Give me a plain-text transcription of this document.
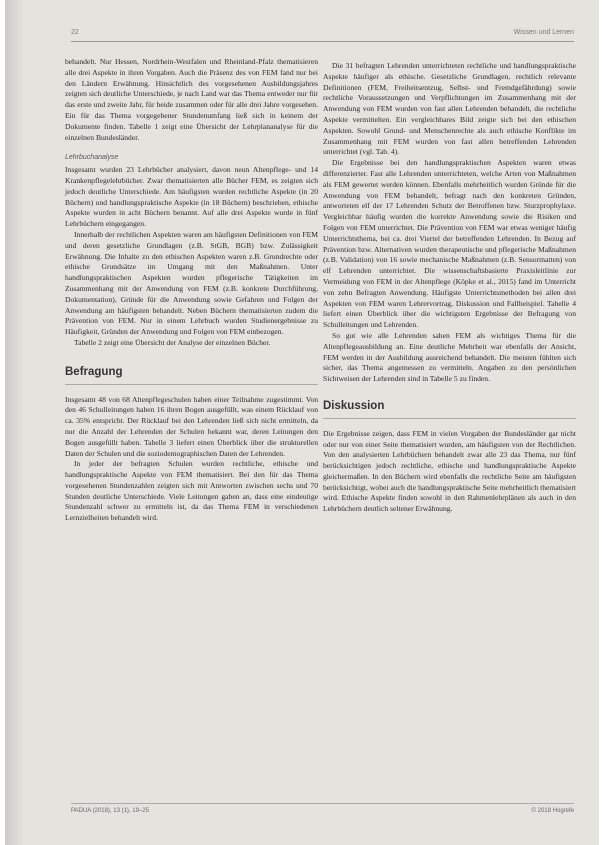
22	Wissen und Lernen

behandelt. Nur Hessen, Nordrhein-Westfalen und Rheinland-Pfalz thematisieren alle drei Aspekte in ihren Vorgaben. Auch die Präsenz des von FEM fand nur bei den Ländern Erwähnung. Hinsichtlich des vorgesehenen Ausbildungsjahres zeigten sich deutliche Unterschiede, je nach Land war das Thema entweder nur für das erste und zweite Jahr, für beide zusammen oder für alle drei Jahre vorgesehen. Ein für das Thema vorgegebener Stundenumfang ließ sich in keinem der Dokumente finden. Tabelle 1 zeigt eine Übersicht der Lehrplananalyse für die einzelnen Bundesländer.

Lehrbuchanalyse

Insgesamt wurden 23 Lehrbücher analysiert, davon neun Altenpflege- und 14 Krankenpflegelehrbücher. Zwar thematisierten alle Bücher FEM, es zeigten sich jedoch deutliche Unterschiede. Am häufigsten wurden rechtliche Aspekte (in 20 Büchern) und handlungspraktische Aspekte (in 18 Büchern) beschrieben, ethische Aspekte wurden in acht Büchern benannt. Auf alle drei Aspekte wurde in fünf Lehrbüchern eingegangen.

Innerhalb der rechtlichen Aspekten waren am häufigsten Definitionen von FEM und deren gesetzliche Grundlagen (z.B. StGB, BGB) bzw. Zulässigkeit Erwähnung. Die Inhalte zu den ethischen Aspekten waren z.B. Grundrechte oder ethische Grundsätze im Umgang mit den Maßnahmen. Unter handlungspraktischen Aspekten wurden pflegerische Tätigkeiten im Zusammenhang mit der Anwendung von FEM (z.B. konkrete Durchführung, Dokumentation), Gründe für die Anwendung sowie Gefahren und Folgen der Anwendung am häufigsten behandelt. Neben Büchern thematisierten zudem die Prävention von FEM. Nur in einem Lehrbuch wurden Studienergebnisse zu Häufigkeit, Gründen der Anwendung und Folgen von FEM einbezogen.

Tabelle 2 zeigt eine Übersicht der Analyse der einzelnen Bücher.

Befragung

Insgesamt 48 von 68 Altenpflegeschulen haben einer Teilnahme zugestimmt. Von den 46 Schulleitungen haben 16 ihren Bogen ausgefüllt, was einem Rücklauf von ca. 35% entspricht. Der Rücklauf bei den Lehrenden ließ sich nicht ermitteln, da nur die Anzahl der Lehrenden der Schulen bekannt war, deren Leitungen den Bogen ausgefüllt haben. Tabelle 3 liefert einen Überblick über die strukturellen Daten der Schulen und die soziodemographischen Daten der Lehrenden.

In jeder der befragten Schulen wurden rechtliche, ethische und handlungspraktische Aspekte von FEM thematisiert. Bei den für das Thema vorgesehenen Stundenzahlen zeigten sich mit Antworten zwischen sechs und 70 Stunden deutliche Unterschiede. Viele Leitungen gaben an, dass eine eindeutige Stundenzahl schwer zu ermitteln ist, da das Thema FEM in verschiedenen Lernzielheiten behandelt wird.

Die 31 befragten Lehrenden unterrichteten rechtliche und handlungspraktische Aspekte häufiger als ethische. Gesetzliche Grundlagen, rechtlich relevante Definitionen (FEM, Freiheitsentzug, Selbst- und Fremdgefährdung) sowie rechtliche Voraussetzungen und Verpflichtungen im Zusammenhang mit der Anwendung von FEM wurden von fast allen Lehrenden behandelt, die rechtliche Aspekte vermittelten. Ein vergleichbares Bild zeigte sich bei den ethischen Aspekten. Sowohl Grund- und Menschenrechte als auch ethische Konflikte im Zusammenhang mit FEM wurden von fast allen betreffenden Lehrenden unterrichtet (vgl. Tab. 4).

Die Ergebnisse bei den handlungspraktischen Aspekten waren etwas differenzierter. Fast alle Lehrenden unterrichteten, welche Arten von Maßnahmen als FEM gewertet werden können. Ebenfalls mehrheitlich wurden Gründe für die Anwendung von FEM behandelt, befragt nach den konkreten Gründen, antworteten elf der 17 Lehrenden Schutz der Betroffenen bzw. Sturzprophylaxe. Vergleichbar häufig wurden die korrekte Anwendung sowie die Risiken und Folgen von FEM unterrichtet. Die Prävention von FEM war etwas weniger häufig Unterrichtsthema, bei ca. drei Viertel der betreffenden Lehrenden. In Bezug auf Prävention bzw. Alternativen wurden therapeutische und pflegerische Maßnahmen (z.B. Validation) von 16 sowie mechanische Maßnahmen (z.B. Sensormatten) von elf Lehrenden unterrichtet. Die wissenschaftsbasierte Praxisleitlinie zur Vermeidung von FEM in der Altenpflege (Köpke et al., 2015) fand im Unterricht von zehn Befragten Anwendung. Häufigste Unterrichtsmethoden bei allen drei Aspekten von FEM waren Lehrervortrag, Diskussion und Fallbeispiel. Tabelle 4 liefert einen Überblick über die wichtigsten Ergebnisse der Befragung von Schulleitungen und Lehrenden.

So gut wie alle Lehrenden sahen FEM als wichtiges Thema für die Altenpflegeausbildung an. Eine deutliche Mehrheit war ebenfalls der Ansicht, FEM werden in der Ausbildung ausreichend behandelt. Die meisten fühlten sich sicher, das Thema angemessen zu vermitteln. Angaben zu den persönlichen Sichtweisen der Lehrenden sind in Tabelle 5 zu finden.

Diskussion

Die Ergebnisse zeigen, dass FEM in vielen Vorgaben der Bundesländer gar nicht oder nur von einer Seite thematisiert wurden, am häufigsten von der Rechtlichen. Von den analysierten Lehrbüchern behandelt zwar alle 23 das Thema, nur fünf berücksichtigen jedoch rechtliche, ethische und handlungspraktische Aspekte gleichermaßen. In den Büchern wird ebenfalls die rechtliche Seite am häufigsten berücksichtigt, wobei auch die handlungspraktische Seite mehrheitlich thematisiert wird. Ethische Aspekte finden sowohl in den Rahmenlehrplänen als auch in den Lehrbüchern deutlich seltener Erwähnung.

PADUA (2018), 13 (1), 19–25	© 2018 Hogrefe
